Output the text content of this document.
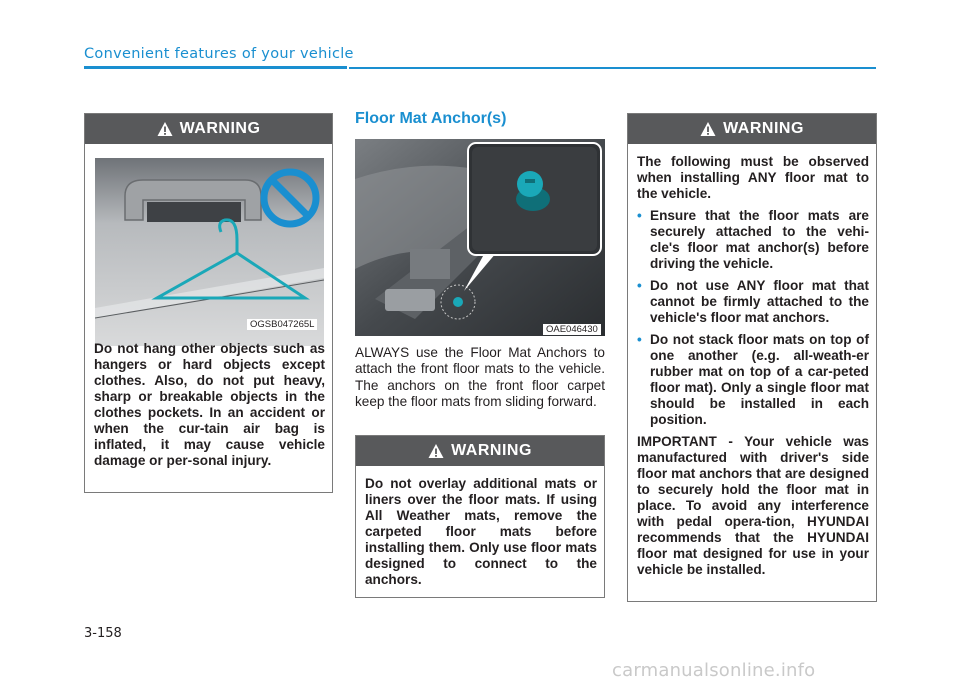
Convenient features of your vehicle
WARNING
OGSB047265L
Do not hang other objects such as hangers or hard objects except clothes. Also, do not put heavy, sharp or breakable objects in the clothes pockets. In an accident or when the cur-tain air bag is inflated, it may cause vehicle damage or per-sonal injury.
Floor Mat Anchor(s)
OAE046430
ALWAYS use the Floor Mat Anchors to attach the front floor mats to the vehicle. The anchors on the front floor carpet keep the floor mats from sliding forward.
WARNING
Do not overlay additional mats or liners over the floor mats. If using All Weather mats, remove the carpeted floor mats before installing them. Only use floor mats designed to connect to the anchors.
WARNING

The following must be observed when installing ANY floor mat to the vehicle.

• Ensure that the floor mats are securely attached to the vehi-cle's floor mat anchor(s) before driving the vehicle.
• Do not use ANY floor mat that cannot be firmly attached to the vehicle's floor mat anchors.
• Do not stack floor mats on top of one another (e.g. all-weath-er rubber mat on top of a car-peted floor mat). Only a single floor mat should be installed in each position.

IMPORTANT - Your vehicle was manufactured with driver's side floor mat anchors that are designed to securely hold the floor mat in place. To avoid any interference with pedal opera-tion, HYUNDAI recommends that the HYUNDAI floor mat designed for use in your vehicle be installed.

3-158
carmanualsonline.info
